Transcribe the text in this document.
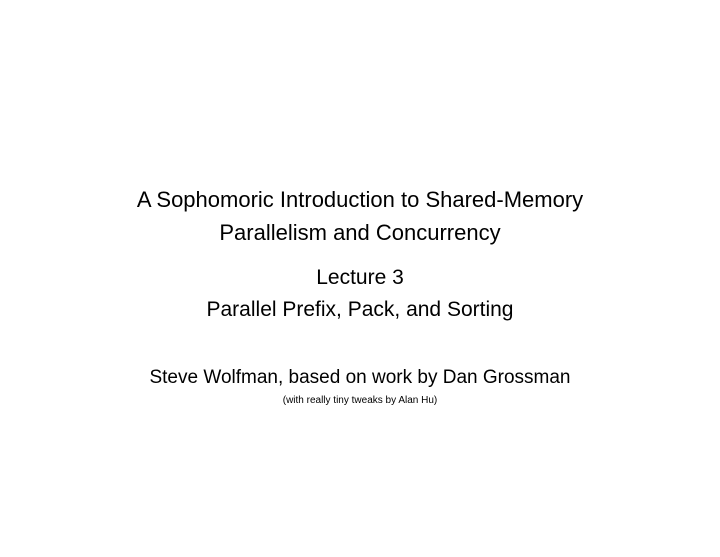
A Sophomoric Introduction to Shared-Memory
Parallelism and Concurrency
Lecture 3
Parallel Prefix, Pack, and Sorting
Steve Wolfman, based on work by Dan Grossman
(with really tiny tweaks by Alan Hu)
